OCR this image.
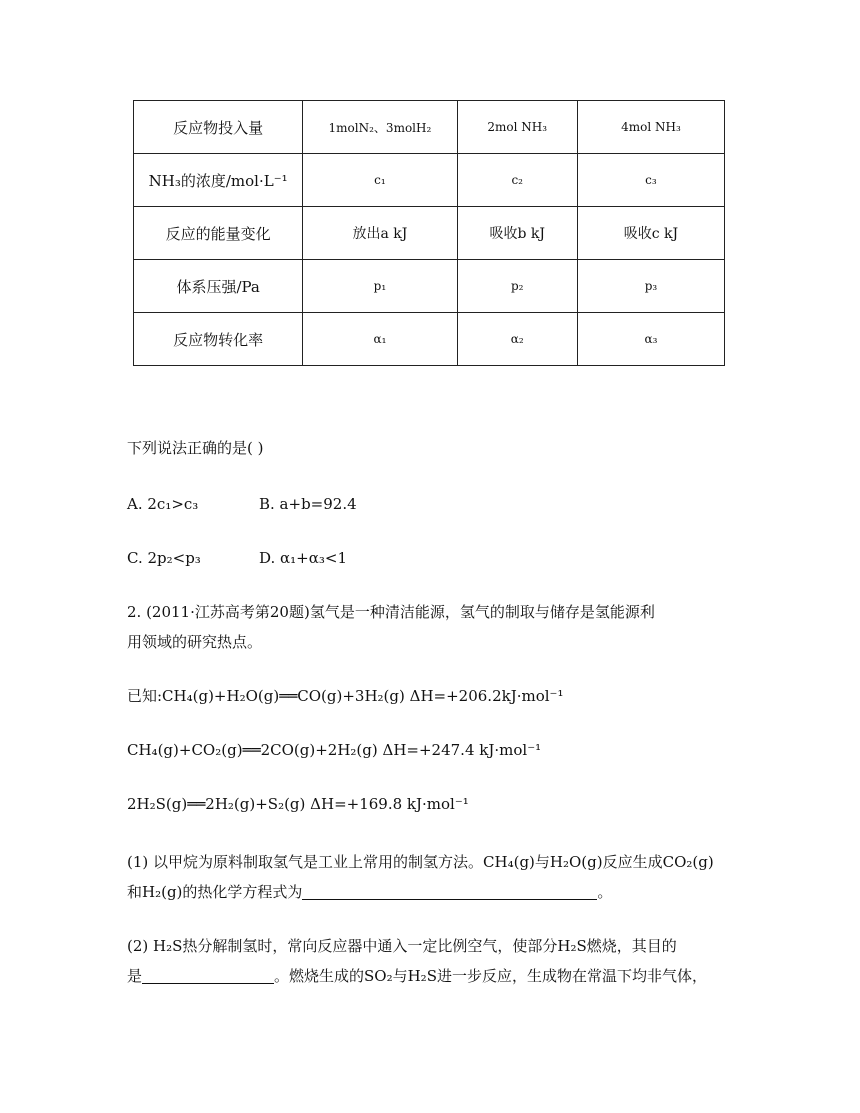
反应物投入量	1molN₂、3molH₂	2mol NH₃	4mol NH₃
NH₃的浓度/mol·L⁻¹	c₁	c₂	c₃
反应的能量变化	放出a kJ	吸收b kJ	吸收c kJ
体系压强/Pa	p₁	p₂	p₃
反应物转化率	α₁	α₂	α₃
下列说法正确的是( )
A. 2c₁>c₃	B. a+b=92.4
C. 2p₂<p₃	D. α₁+α₃<1
2. (2011·江苏高考第20题)氢气是一种清洁能源，氢气的制取与储存是氢能源利
用领域的研究热点。
已知:CH₄(g)+H₂O(g)══CO(g)+3H₂(g) ΔH=+206.2kJ·mol⁻¹
CH₄(g)+CO₂(g)══2CO(g)+2H₂(g) ΔH=+247.4 kJ·mol⁻¹
2H₂S(g)══2H₂(g)+S₂(g) ΔH=+169.8 kJ·mol⁻¹
(1) 以甲烷为原料制取氢气是工业上常用的制氢方法。CH₄(g)与H₂O(g)反应生成CO₂(g)
和H₂(g)的热化学方程式为	。
(2) H₂S热分解制氢时，常向反应器中通入一定比例空气，使部分H₂S燃烧，其目的
是	。燃烧生成的SO₂与H₂S进一步反应，生成物在常温下均非气体，
